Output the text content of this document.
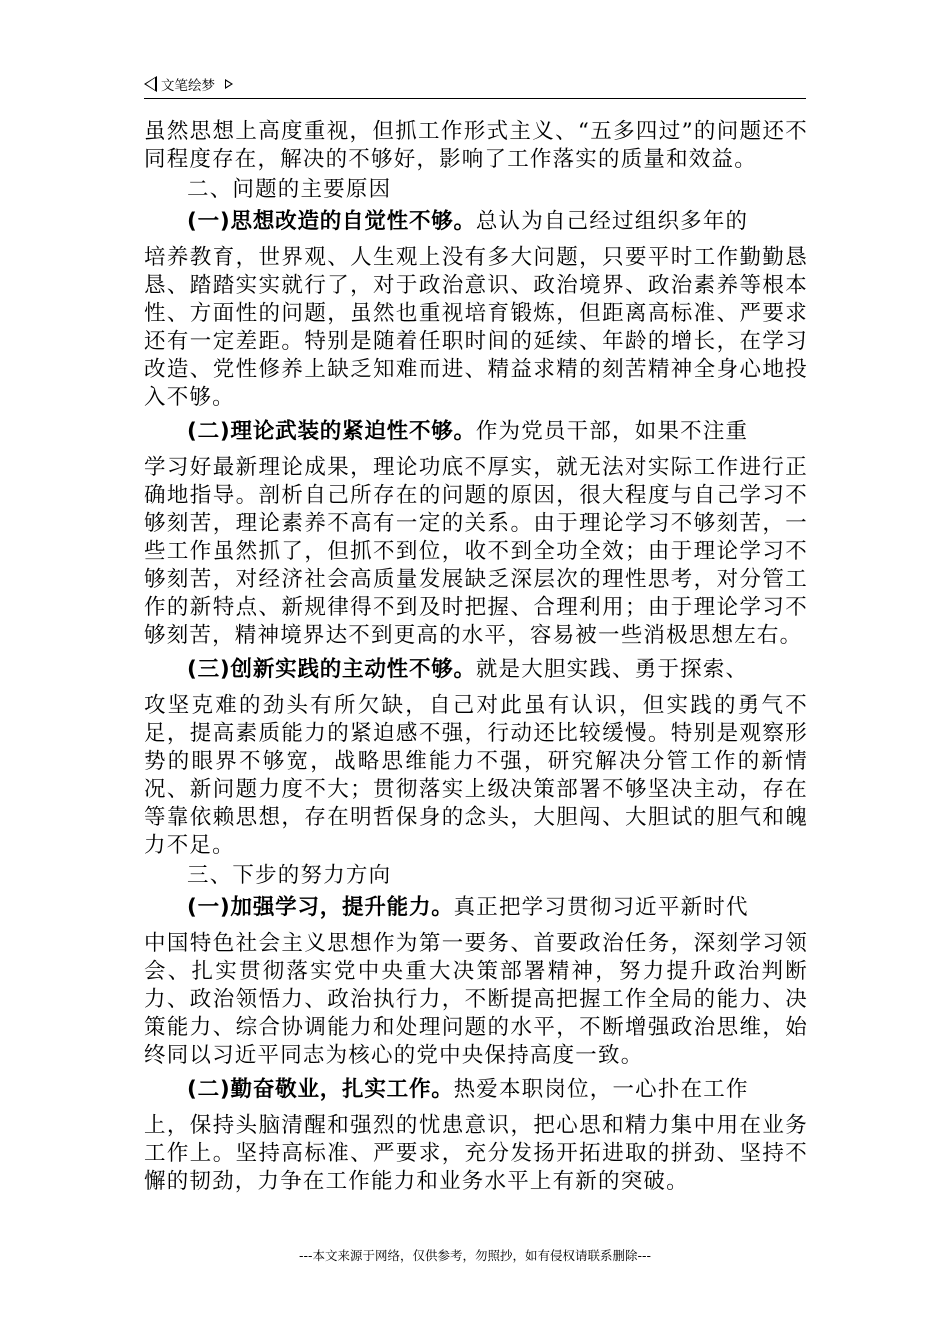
文笔绘梦

虽然思想上高度重视，但抓工作形式主义、“五多四过”的问题还不同程度存在，解决的不够好，影响了工作落实的质量和效益。

二、问题的主要原因

(一)思想改造的自觉性不够。总认为自己经过组织多年的

培养教育，世界观、人生观上没有多大问题，只要平时工作勤勤恳恳、踏踏实实就行了，对于政治意识、政治境界、政治素养等根本性、方面性的问题，虽然也重视培育锻炼，但距离高标准、严要求还有一定差距。特别是随着任职时间的延续、年龄的增长，在学习改造、党性修养上缺乏知难而进、精益求精的刻苦精神全身心地投入不够。

(二)理论武装的紧迫性不够。作为党员干部，如果不注重

学习好最新理论成果，理论功底不厚实，就无法对实际工作进行正确地指导。剖析自己所存在的问题的原因，很大程度与自己学习不够刻苦，理论素养不高有一定的关系。由于理论学习不够刻苦，一些工作虽然抓了，但抓不到位，收不到全功全效；由于理论学习不够刻苦，对经济社会高质量发展缺乏深层次的理性思考，对分管工作的新特点、新规律得不到及时把握、合理利用；由于理论学习不够刻苦，精神境界达不到更高的水平，容易被一些消极思想左右。

(三)创新实践的主动性不够。就是大胆实践、勇于探索、

攻坚克难的劲头有所欠缺，自己对此虽有认识，但实践的勇气不足，提高素质能力的紧迫感不强，行动还比较缓慢。特别是观察形势的眼界不够宽，战略思维能力不强，研究解决分管工作的新情况、新问题力度不大；贯彻落实上级决策部署不够坚决主动，存在等靠依赖思想，存在明哲保身的念头，大胆闯、大胆试的胆气和魄力不足。

三、下步的努力方向

(一)加强学习，提升能力。真正把学习贯彻习近平新时代

中国特色社会主义思想作为第一要务、首要政治任务，深刻学习领会、扎实贯彻落实党中央重大决策部署精神，努力提升政治判断力、政治领悟力、政治执行力，不断提高把握工作全局的能力、决策能力、综合协调能力和处理问题的水平，不断增强政治思维，始终同以习近平同志为核心的党中央保持高度一致。

(二)勤奋敬业，扎实工作。热爱本职岗位，一心扑在工作

上，保持头脑清醒和强烈的忧患意识，把心思和精力集中用在业务工作上。坚持高标准、严要求，充分发扬开拓进取的拼劲、坚持不懈的韧劲，力争在工作能力和业务水平上有新的突破。

---本文来源于网络，仅供参考，勿照抄，如有侵权请联系删除---
